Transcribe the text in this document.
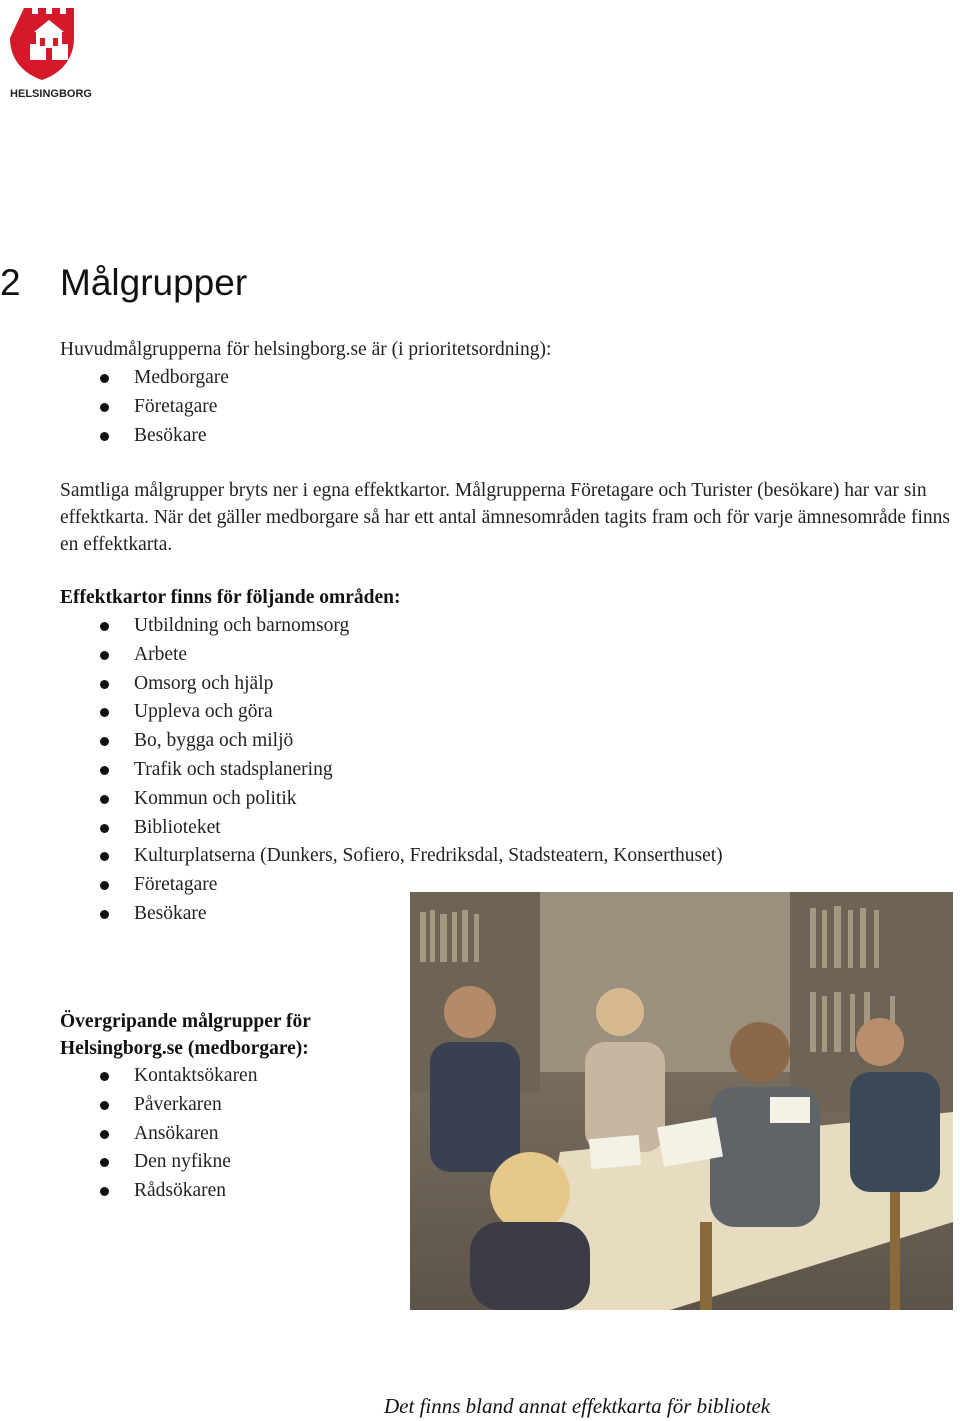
HELSINGBORG
2 Målgrupper

Huvudmålgrupperna för helsingborg.se är (i prioritetsordning):

Medborgare
Företagare
Besökare

Samtliga målgrupper bryts ner i egna effektkartor. Målgrupperna Företagare och Turister (besökare) har var sin effektkarta. När det gäller medborgare så har ett antal ämnesområden tagits fram och för varje ämnesområde finns en effektkarta.

Effektkartor finns för följande områden:

Utbildning och barnomsorg
Arbete
Omsorg och hjälp
Uppleva och göra
Bo, bygga och miljö
Trafik och stadsplanering
Kommun och politik
Biblioteket
Kulturplatserna (Dunkers, Sofiero, Fredriksdal, Stadsteatern, Konserthuset)
Företagare
Besökare

Övergripande målgrupper för Helsingborg.se (medborgare):

Kontaktsökaren
Påverkaren
Ansökaren
Den nyfikne
Rådsökaren
Det finns bland annat effektkarta för bibliotek
